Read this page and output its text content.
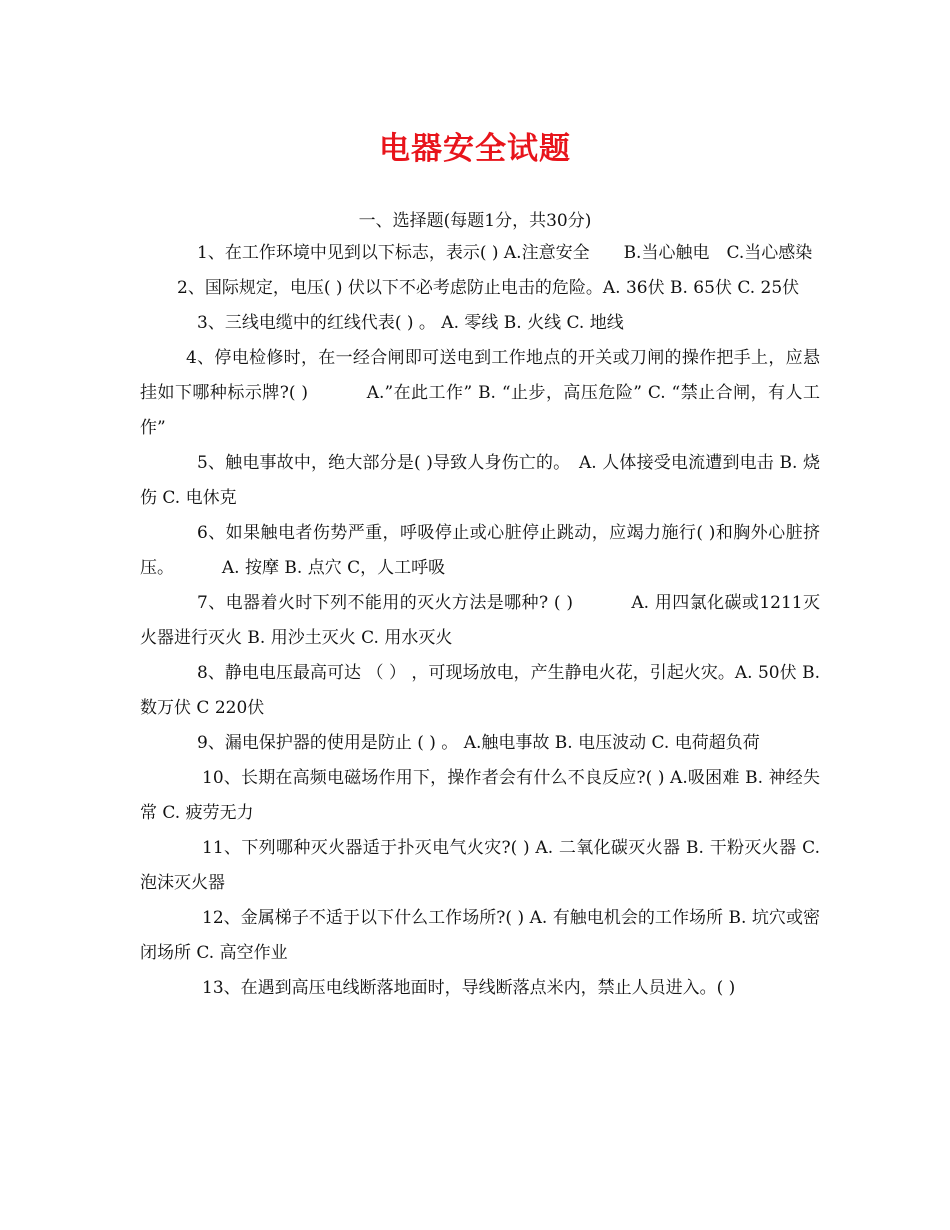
电器安全试题
一、选择题(每题1分，共30分)

1、在工作环境中见到以下标志，表示( ) A.注意安全　　B.当心触电　C.当心感染

2、国际规定，电压( ) 伏以下不必考虑防止电击的危险。A. 36伏 B. 65伏 C. 25伏

3、三线电缆中的红线代表( ) 。 A. 零线 B. 火线 C. 地线

4、停电检修时，在一经合闸即可送电到工作地点的开关或刀闸的操作把手上，应悬挂如下哪种标示牌?( )　　　 A.”在此工作” B. “止步，高压危险” C. “禁止合闸，有人工作”

5、触电事故中，绝大部分是( )导致人身伤亡的。　A. 人体接受电流遭到电击 B. 烧伤 C. 电休克

6、如果触电者伤势严重，呼吸停止或心脏停止跳动，应竭力施行( )和胸外心脏挤压。　　　 A. 按摩 B. 点穴 C，人工呼吸

7、电器着火时下列不能用的灭火方法是哪种? ( )　　　 A. 用四氯化碳或1211灭火器进行灭火 B. 用沙土灭火 C. 用水灭火

8、静电电压最高可达 （ ） ，可现场放电，产生静电火花，引起火灾。A. 50伏 B. 数万伏 C 220伏

9、漏电保护器的使用是防止 ( ) 。 A.触电事故 B. 电压波动 C. 电荷超负荷

10、长期在高频电磁场作用下，操作者会有什么不良反应?( ) A.吸困难 B. 神经失常 C. 疲劳无力

11、下列哪种灭火器适于扑灭电气火灾?( ) A. 二氧化碳灭火器 B. 干粉灭火器 C. 泡沫灭火器

12、金属梯子不适于以下什么工作场所?( ) A. 有触电机会的工作场所 B. 坑穴或密闭场所 C. 高空作业

13、在遇到高压电线断落地面时，导线断落点米内，禁止人员进入。( )
